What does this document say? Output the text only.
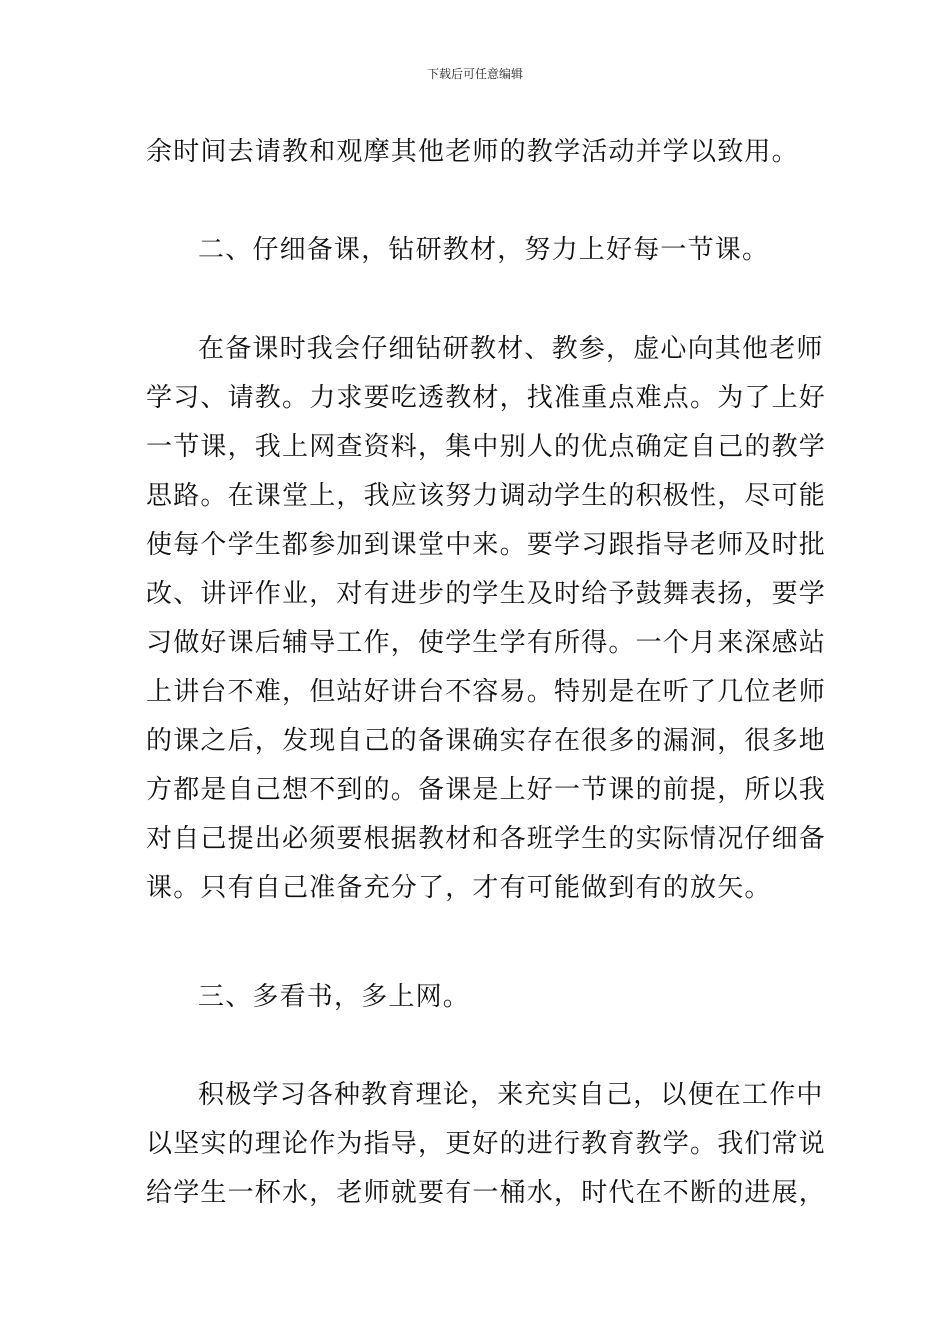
下载后可任意编辑
余时间去请教和观摩其他老师的教学活动并学以致用。
二、仔细备课，钻研教材，努力上好每一节课。
在备课时我会仔细钻研教材、教参，虚心向其他老师
学习、请教。力求要吃透教材，找准重点难点。为了上好
一节课，我上网查资料，集中别人的优点确定自己的教学
思路。在课堂上，我应该努力调动学生的积极性，尽可能
使每个学生都参加到课堂中来。要学习跟指导老师及时批
改、讲评作业，对有进步的学生及时给予鼓舞表扬，要学
习做好课后辅导工作，使学生学有所得。一个月来深感站
上讲台不难，但站好讲台不容易。特别是在听了几位老师
的课之后，发现自己的备课确实存在很多的漏洞，很多地
方都是自己想不到的。备课是上好一节课的前提，所以我
对自己提出必须要根据教材和各班学生的实际情况仔细备
课。只有自己准备充分了，才有可能做到有的放矢。
三、多看书，多上网。
积极学习各种教育理论，来充实自己，以便在工作中
以坚实的理论作为指导，更好的进行教育教学。我们常说
给学生一杯水，老师就要有一桶水，时代在不断的进展，
